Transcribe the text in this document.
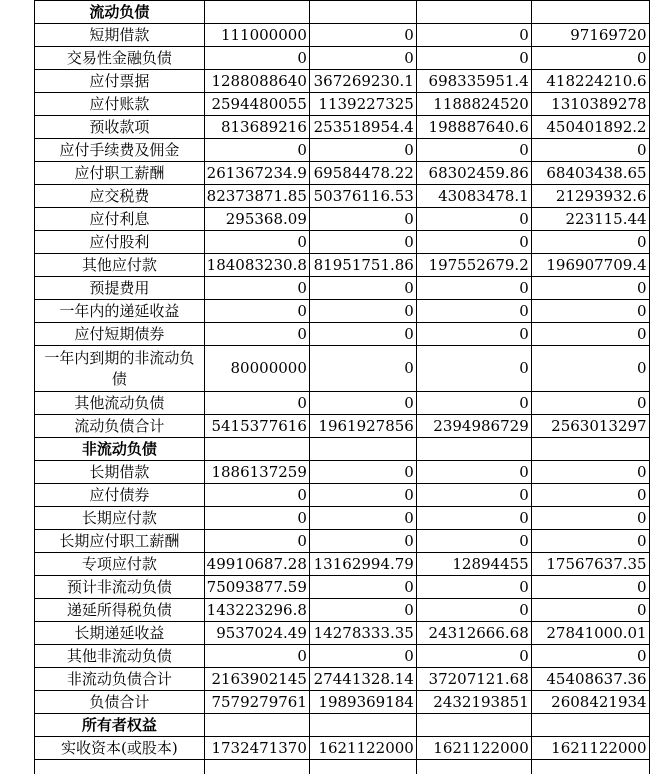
	流动负债					
	短期借款	111000000	0	0	97169720	
	交易性金融负债	0	0	0	0	
	应付票据	1288088640	367269230.1	698335951.4	418224210.6	
	应付账款	2594480055	1139227325	1188824520	1310389278	
	预收款项	813689216	253518954.4	198887640.6	450401892.2	
	应付手续费及佣金	0	0	0	0	
	应付职工薪酬	261367234.9	69584478.22	68302459.86	68403438.65	
	应交税费	82373871.85	50376116.53	43083478.1	21293932.6	
	应付利息	295368.09	0	0	223115.44	
	应付股利	0	0	0	0	
	其他应付款	184083230.8	81951751.86	197552679.2	196907709.4	
	预提费用	0	0	0	0	
	一年内的递延收益	0	0	0	0	
	应付短期债券	0	0	0	0	
	一年内到期的非流动负债	80000000	0	0	0	
	其他流动负债	0	0	0	0	
	流动负债合计	5415377616	1961927856	2394986729	2563013297	
	非流动负债					
	长期借款	1886137259	0	0	0	
	应付债券	0	0	0	0	
	长期应付款	0	0	0	0	
	长期应付职工薪酬	0	0	0	0	
	专项应付款	49910687.28	13162994.79	12894455	17567637.35	
	预计非流动负债	75093877.59	0	0	0	
	递延所得税负债	143223296.8	0	0	0	
	长期递延收益	9537024.49	14278333.35	24312666.68	27841000.01	
	其他非流动负债	0	0	0	0	
	非流动负债合计	2163902145	27441328.14	37207121.68	45408637.36	
	负债合计	7579279761	1989369184	2432193851	2608421934	
	所有者权益					
	实收资本(或股本)	1732471370	1621122000	1621122000	1621122000	
